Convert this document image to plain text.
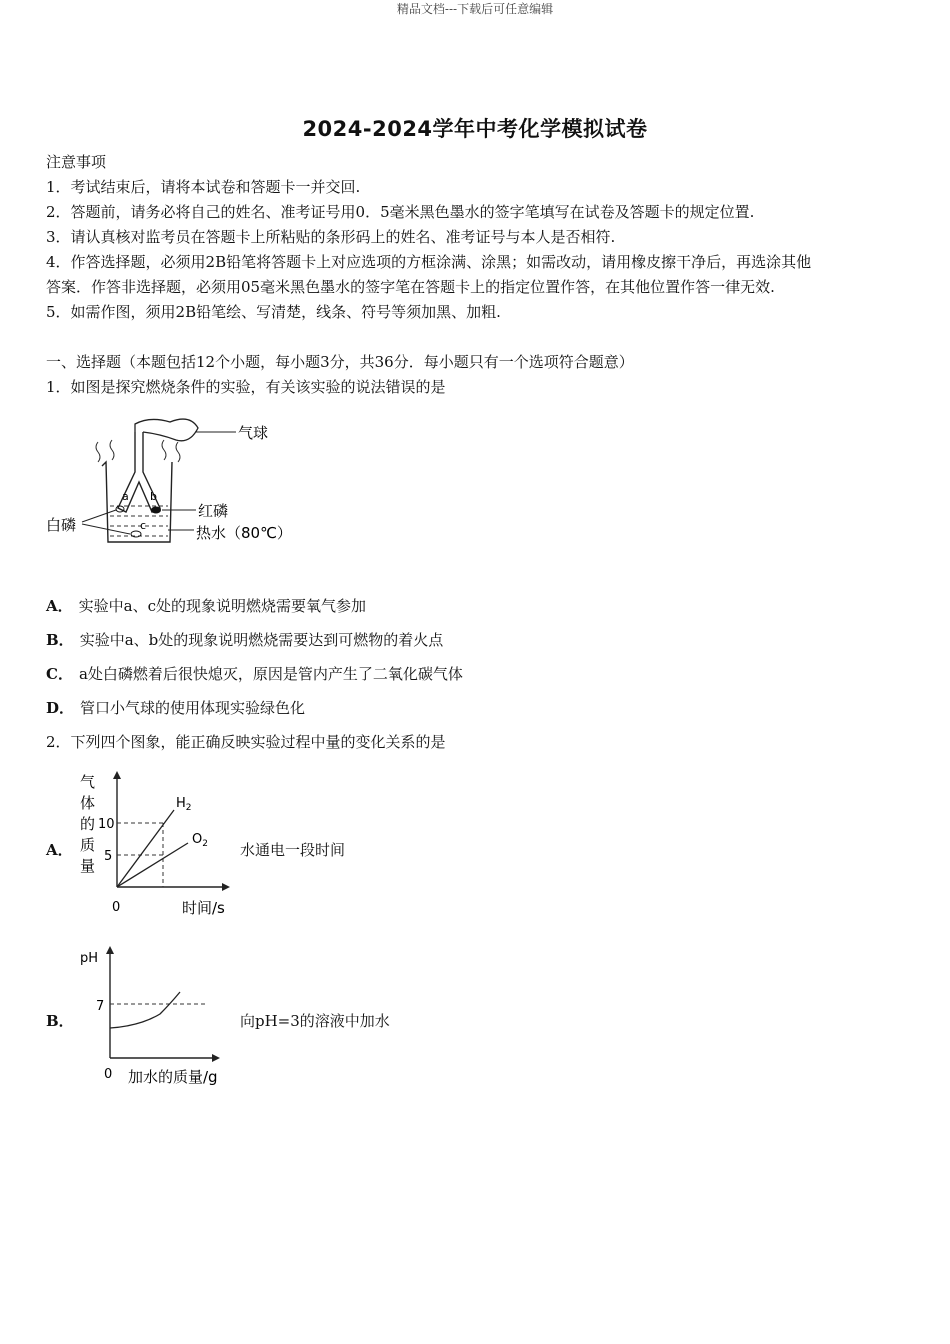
精品文档---下载后可任意编辑
2024-2024学年中考化学模拟试卷
注意事项
1．考试结束后，请将本试卷和答题卡一并交回.
2．答题前，请务必将自己的姓名、准考证号用0．5毫米黑色墨水的签字笔填写在试卷及答题卡的规定位置.
3．请认真核对监考员在答题卡上所粘贴的条形码上的姓名、准考证号与本人是否相符.
4．作答选择题，必须用2B铅笔将答题卡上对应选项的方框涂满、涂黑；如需改动，请用橡皮擦干净后，再选涂其他
答案．作答非选择题，必须用05毫米黑色墨水的签字笔在答题卡上的指定位置作答，在其他位置作答一律无效.
5．如需作图，须用2B铅笔绘、写清楚，线条、符号等须加黑、加粗.
一、选择题（本题包括12个小题，每小题3分，共36分．每小题只有一个选项符合题意）
1．如图是探究燃烧条件的实验，有关该实验的说法错误的是
气球
a b
红磷
c
白磷	热水（80℃）
A． 实验中a、c处的现象说明燃烧需要氧气参加
B． 实验中a、b处的现象说明燃烧需要达到可燃物的着火点
C． a处白磷燃着后很快熄灭，原因是管内产生了二氧化碳气体
D． 管口小气球的使用体现实验绿色化
2．下列四个图象，能正确反映实验过程中量的变化关系的是
A．
气
体
的
质
量
10
5
0	时间/s
$H_2$
$O_2$ 水通电一段时间
B．
pH
7
0 加水的质量/g
向pH=3的溶液中加水
